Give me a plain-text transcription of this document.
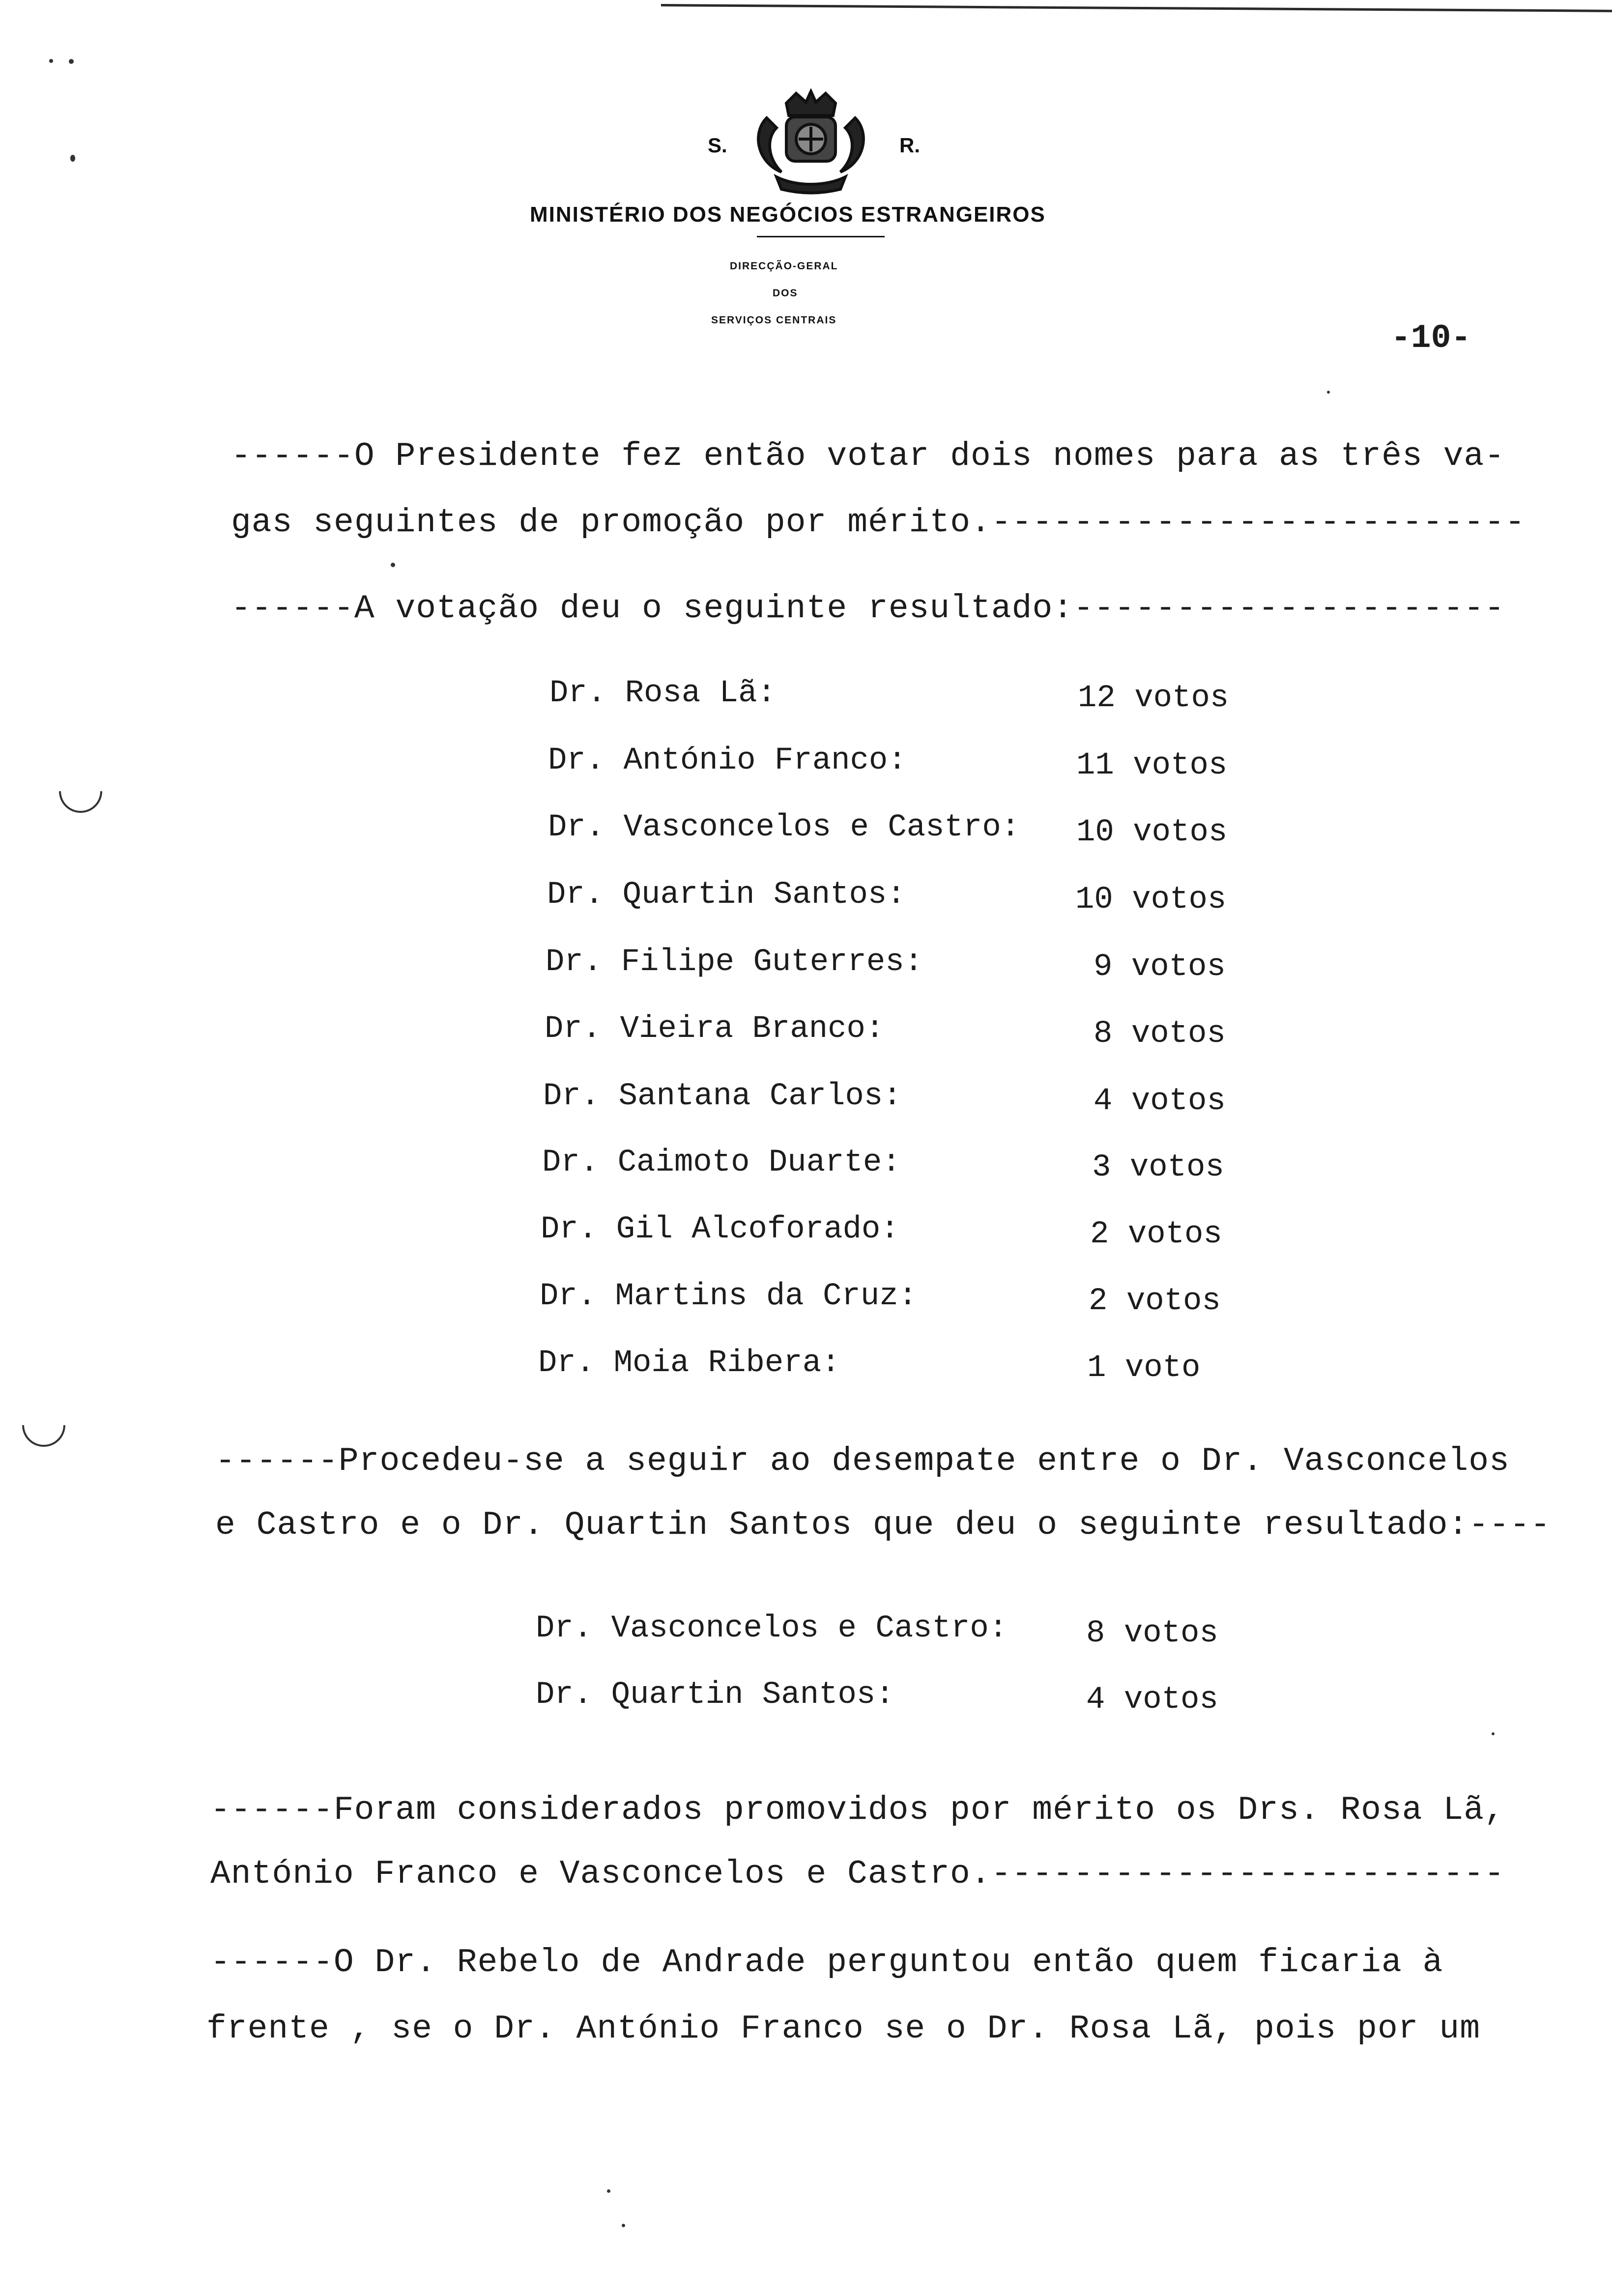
S.	R.
MINISTÉRIO DOS NEGÓCIOS ESTRANGEIROS
DIRECÇÃO-GERAL
DOS
SERVIÇOS CENTRAIS	-10-
------O Presidente fez então votar dois nomes para as três va-
gas seguintes de promoção por mérito.--------------------------
------A votação deu o seguinte resultado:---------------------
Dr. Rosa Lã:	12 votos
Dr. António Franco:	11 votos
Dr. Vasconcelos e Castro: 10 votos
Dr. Quartin Santos:	10 votos
Dr. Filipe Guterres:	9 votos
Dr. Vieira Branco:	8 votos
Dr. Santana Carlos:	4 votos
Dr. Caimoto Duarte:	3 votos
Dr. Gil Alcoforado:	2 votos
Dr. Martins da Cruz:	2 votos
Dr. Moia Ribera:	1 voto
------Procedeu-se a seguir ao desempate entre o Dr. Vasconcelos
e Castro e o Dr. Quartin Santos que deu o seguinte resultado:----
Dr. Vasconcelos e Castro: 8 votos
Dr. Quartin Santos:	4 votos
------Foram considerados promovidos por mérito os Drs. Rosa Lã,
António Franco e Vasconcelos e Castro.-------------------------
------O Dr. Rebelo de Andrade perguntou então quem ficaria à
frente , se o Dr. António Franco se o Dr. Rosa Lã, pois por um
